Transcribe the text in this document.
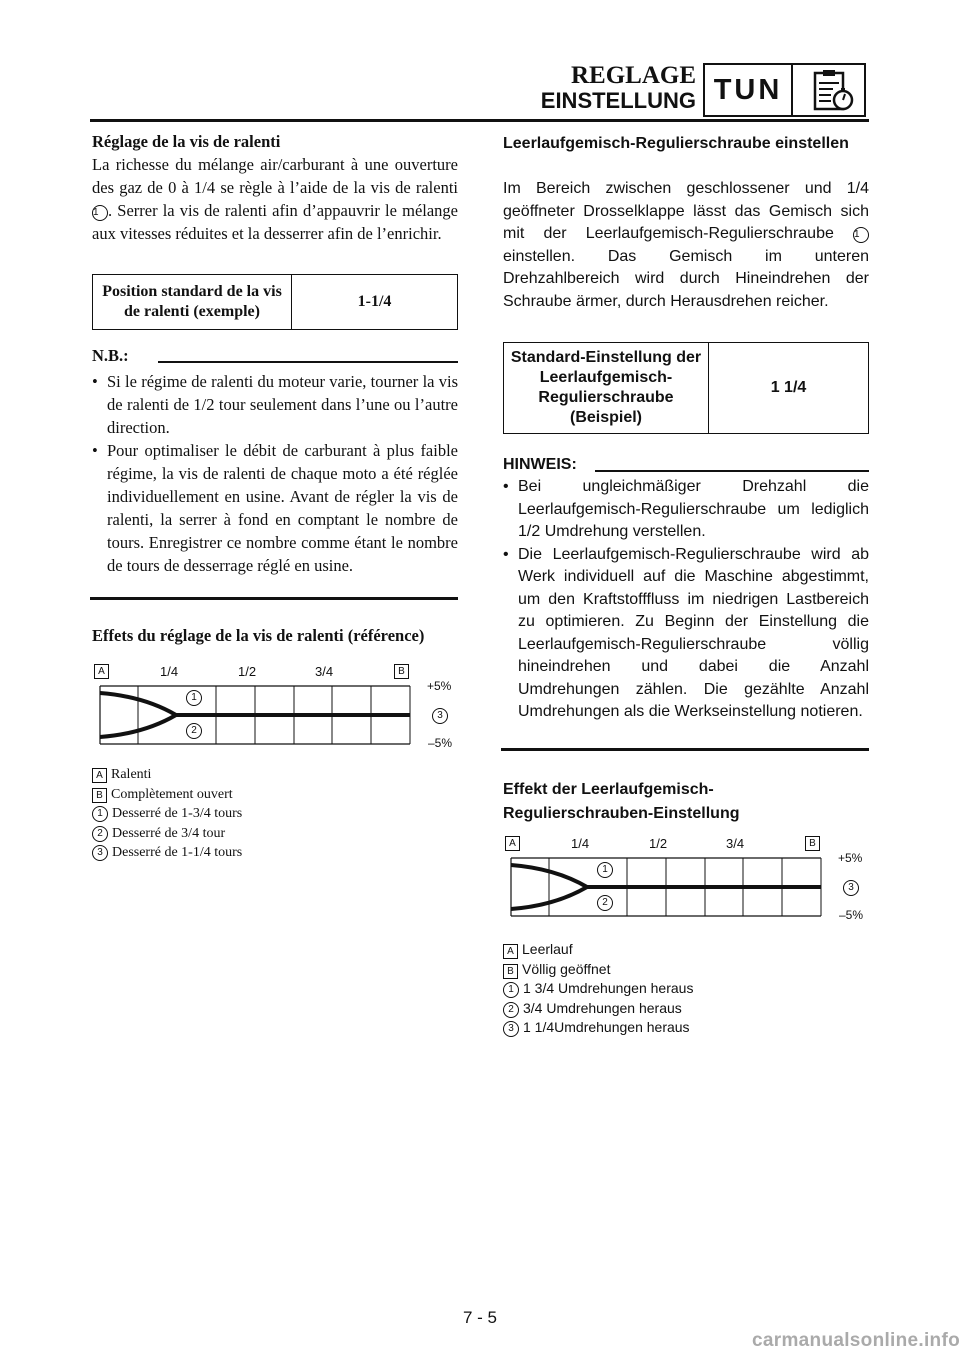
REGLAGE
EINSTELLUNG TUN
Réglage de la vis de ralenti
La richesse du mélange air/carburant à une ouverture des gaz de 0 à 1/4 se règle à l’aide de la vis de ralenti 1 . Serrer la vis de ralenti afin d’appauvrir le mélange aux vitesses réduites et la desserrer afin de l’enrichir.
Position standard de la vis de ralenti (exemple)	1-1/4
N.B.:
• Si le régime de ralenti du moteur varie, tourner la vis de ralenti de 1/2 tour seulement dans l’une ou l’autre direction.
• Pour optimaliser le débit de carburant à plus faible régime, la vis de ralenti de chaque moto a été réglée individuellement en usine. Avant de régler la vis de ralenti, la serrer à fond en comptant le nombre de tours. Enregistrer ce nombre comme étant le nombre de tours de desserrage réglé en usine.
Effets du réglage de la vis de ralenti (référence)
A	1/4	1/2	3/4	B
1
2
+5%
3
–5%
A Ralenti
B Complètement ouvert
1 Desserré de 1-3/4 tours
2 Desserré de 3/4 tour
3 Desserré de 1-1/4 tours
Leerlaufgemisch-Regulierschraube einstellen
Im Bereich zwischen geschlossener und 1/4 geöffneter Drosselklappe lässt das Gemisch sich mit der Leerlaufgemisch-Regulierschraube 1 einstellen. Das Gemisch im unteren Drehzahlbereich wird durch Hineindrehen der Schraube ärmer, durch Herausdrehen reicher.
Standard-Einstellung der Leerlaufgemisch-Regulierschraube (Beispiel)	1 1/4
HINWEIS:
• Bei ungleichmäßiger Drehzahl die Leerlaufgemisch-Regulierschraube um lediglich 1/2 Umdrehung verstellen.
• Die Leerlaufgemisch-Regulierschraube wird ab Werk individuell auf die Maschine abgestimmt, um den Kraftstofffluss im niedrigen Lastbereich zu optimieren. Zu Beginn der Einstellung die Leerlaufgemisch-Regulierschraube völlig hineindrehen und dabei die Anzahl Umdrehungen zählen. Die gezählte Anzahl Umdrehungen als die Werkseinstellung notieren.
Effekt der Leerlaufgemisch-Regulierschrauben-Einstellung
A	1/4	1/2	3/4	B
1
2
+5%
3
–5%
A Leerlauf
B Völlig geöffnet
1 1 3/4 Umdrehungen heraus
2 3/4 Umdrehungen heraus
3 1 1/4Umdrehungen heraus
7 - 5
carmanualsonline.info
